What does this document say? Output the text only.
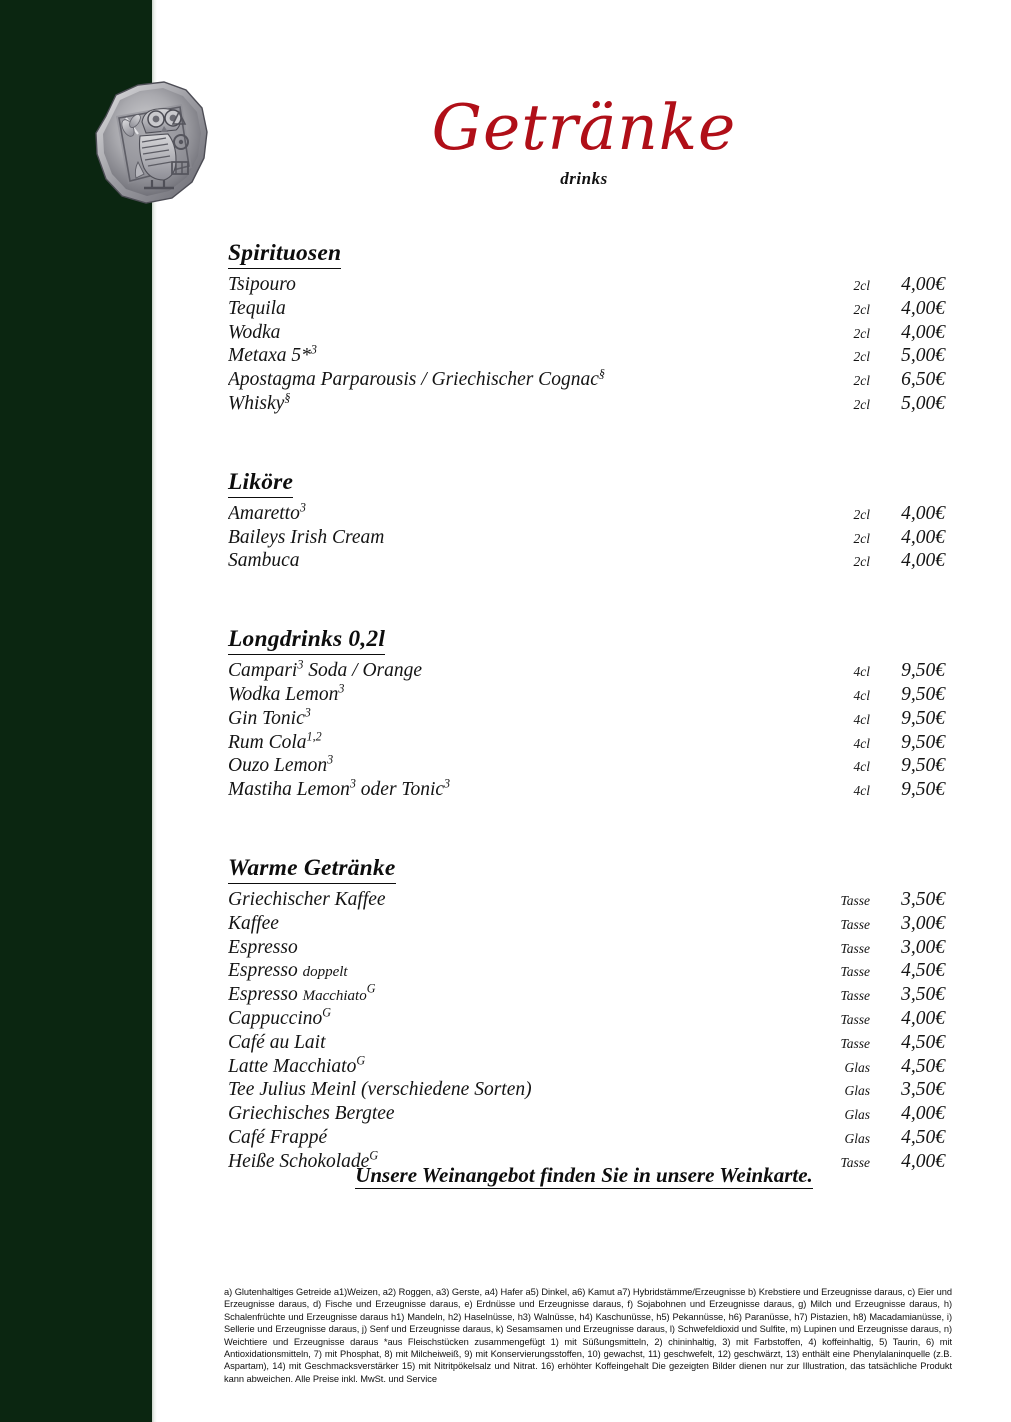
Getränke
drinks
Spirituosen
Tsipouro	2cl	4,00€
Tequila	2cl	4,00€
Wodka	2cl	4,00€
Metaxa 5*$^3$	2cl	5,00€
Apostagma Parparousis / Griechischer Cognac§	2cl	6,50€
Whisky§	2cl	5,00€
Liköre
Amaretto$^3$	2cl	4,00€
Baileys Irish Cream	2cl	4,00€
Sambuca	2cl	4,00€
Longdrinks 0,2l
Campari$^3$ Soda / Orange	4cl	9,50€
Wodka Lemon$^3$	4cl	9,50€
Gin Tonic$^3$	4cl	9,50€
Rum Cola$^{1,2}$	4cl	9,50€
Ouzo Lemon$^3$	4cl	9,50€
Mastiha Lemon$^3$ oder Tonic$^3$	4cl	9,50€
Warme Getränke
Griechischer Kaffee	Tasse	3,50€
Kaffee	Tasse	3,00€
Espresso	Tasse	3,00€
Espresso doppelt	Tasse	4,50€
Espresso Macchiato$^G$	Tasse	3,50€
Cappuccino$^G$	Tasse	4,00€
Café au Lait	Tasse	4,50€
Latte Macchiato$^G$	Glas	4,50€
Tee Julius Meinl (verschiedene Sorten)	Glas	3,50€
Griechisches Bergtee	Glas	4,00€
Café Frappé	Glas	4,50€
Heiße Schokolade$^G$	Tasse	4,00€
Unsere Weinangebot finden Sie in unsere Weinkarte.
a) Glutenhaltiges Getreide a1)Weizen, a2) Roggen, a3) Gerste, a4) Hafer a5) Dinkel, a6) Kamut a7) Hybridstämme/Erzeugnisse b) Krebstiere und Erzeugnisse daraus, c) Eier und Erzeugnisse daraus, d) Fische und Erzeugnisse daraus, e) Erdnüsse und Erzeugnisse daraus, f) Sojabohnen und Erzeugnisse daraus, g) Milch und Erzeugnisse daraus, h) Schalenfrüchte und Erzeugnisse daraus h1) Mandeln, h2) Haselnüsse, h3) Walnüsse, h4) Kaschunüsse, h5) Pekannüsse, h6) Paranüsse, h7) Pistazien, h8) Macadamianüsse, i) Sellerie und Erzeugnisse daraus, j) Senf und Erzeugnisse daraus, k) Sesamsamen und Erzeugnisse daraus, l) Schwefeldioxid und Sulfite, m) Lupinen und Erzeugnisse daraus, n) Weichtiere und Erzeugnisse daraus *aus Fleischstücken zusammengefügt 1) mit Süßungsmitteln, 2) chininhaltig, 3) mit Farbstoffen, 4) koffeinhaltig, 5) Taurin, 6) mit Antioxidationsmitteln, 7) mit Phosphat, 8) mit Milcheiweiß, 9) mit Konservierungsstoffen, 10) gewachst, 11) geschwefelt, 12) geschwärzt, 13) enthält eine Phenylalaninquelle (z.B. Aspartam), 14) mit Geschmacksverstärker 15) mit Nitritpökelsalz und Nitrat. 16) erhöhter Koffeingehalt Die gezeigten Bilder dienen nur zur Illustration, das tatsächliche Produkt kann abweichen. Alle Preise inkl. MwSt. und Service
